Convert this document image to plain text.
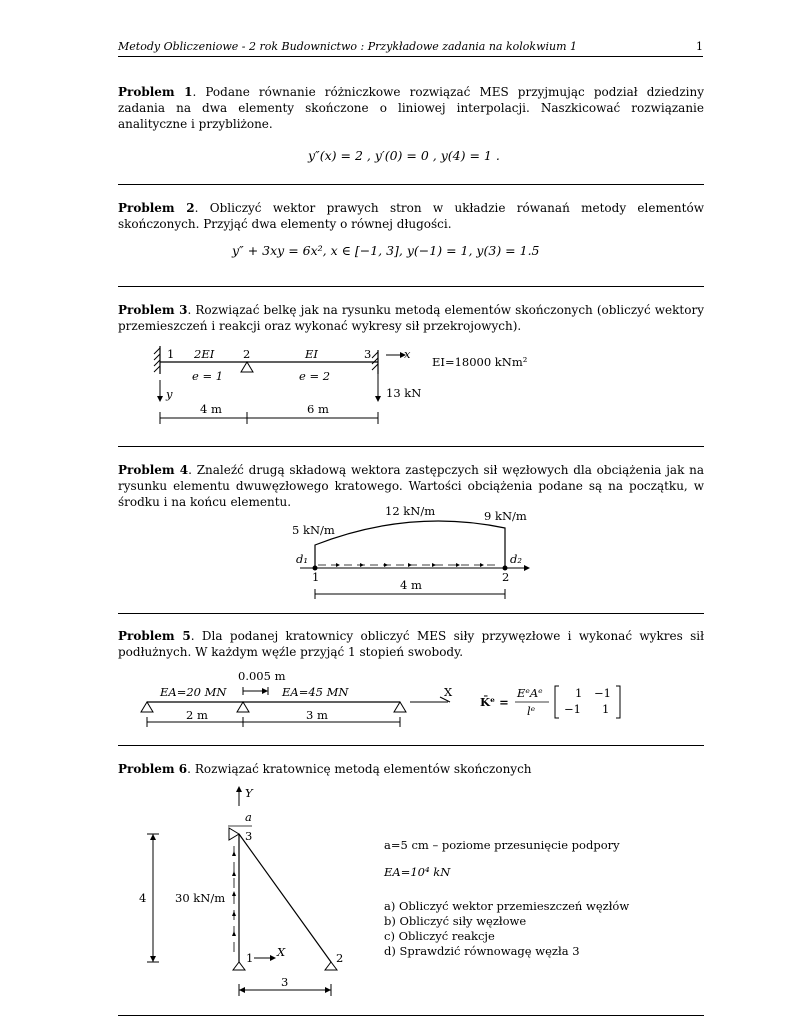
Metody Obliczeniowe - 2 rok Budownictwo : Przykładowe zadania na kolokwium 1	1
Problem 1. Podane równanie różniczkowe rozwiązać MES przyjmując podział dziedziny zadania na dwa elementy skończone o liniowej interpolacji. Naszkicować rozwiązanie analityczne i przybliżone.
y″(x) = 2 , y′(0) = 0 , y(4) = 1 .
Problem 2. Obliczyć wektor prawych stron w układzie rówanań metody elementów skończonych. Przyjąć dwa elementy o równej długości.
y″ + 3xy = 6x², x ∈ [−1, 3], y(−1) = 1, y(3) = 1.5
Problem 3. Rozwiązać belkę jak na rysunku metodą elementów skończonych (obliczyć wektory przemieszczeń i reakcji oraz wykonać wykresy sił przekrojowych).
x
y	13 kN
1 2EI 2	EI	3
e = 1	e = 2
EI=18000 kNm²
4 m	6 m
Problem 4. Znaleźć drugą składową wektora zastępczych sił węzłowych dla obciążenia jak na rysunku elementu dwuwęzłowego kratowego. Wartości obciążenia podane są na początku, w środku i na końcu elementu.
5 kN/m
12 kN/m	9 kN/m
d₁	d₂
1	2
4 m
Problem 5. Dla podanej kratownicy obliczyć MES siły przywęzłowe i wykonać wykres sił podłużnych. W każdym węźle przyjąć 1 stopień swobody.
0.005 m
EA=20 MN	EA=45 MN
2 m	3 m
X
K̄ᵉ =
EᵉAᵉ
lᵉ
1 −1
−1 1
Problem 6. Rozwiązać kratownicę metodą elementów skończonych
Y
a
3
1	2
X
30 kN/m
4
3
a=5 cm – poziome przesunięcie podpory
EA=10⁴ kN
a) Obliczyć wektor przemieszczeń węzłów
b) Obliczyć siły węzłowe
c) Obliczyć reakcje
d) Sprawdzić równowagę węzła 3
